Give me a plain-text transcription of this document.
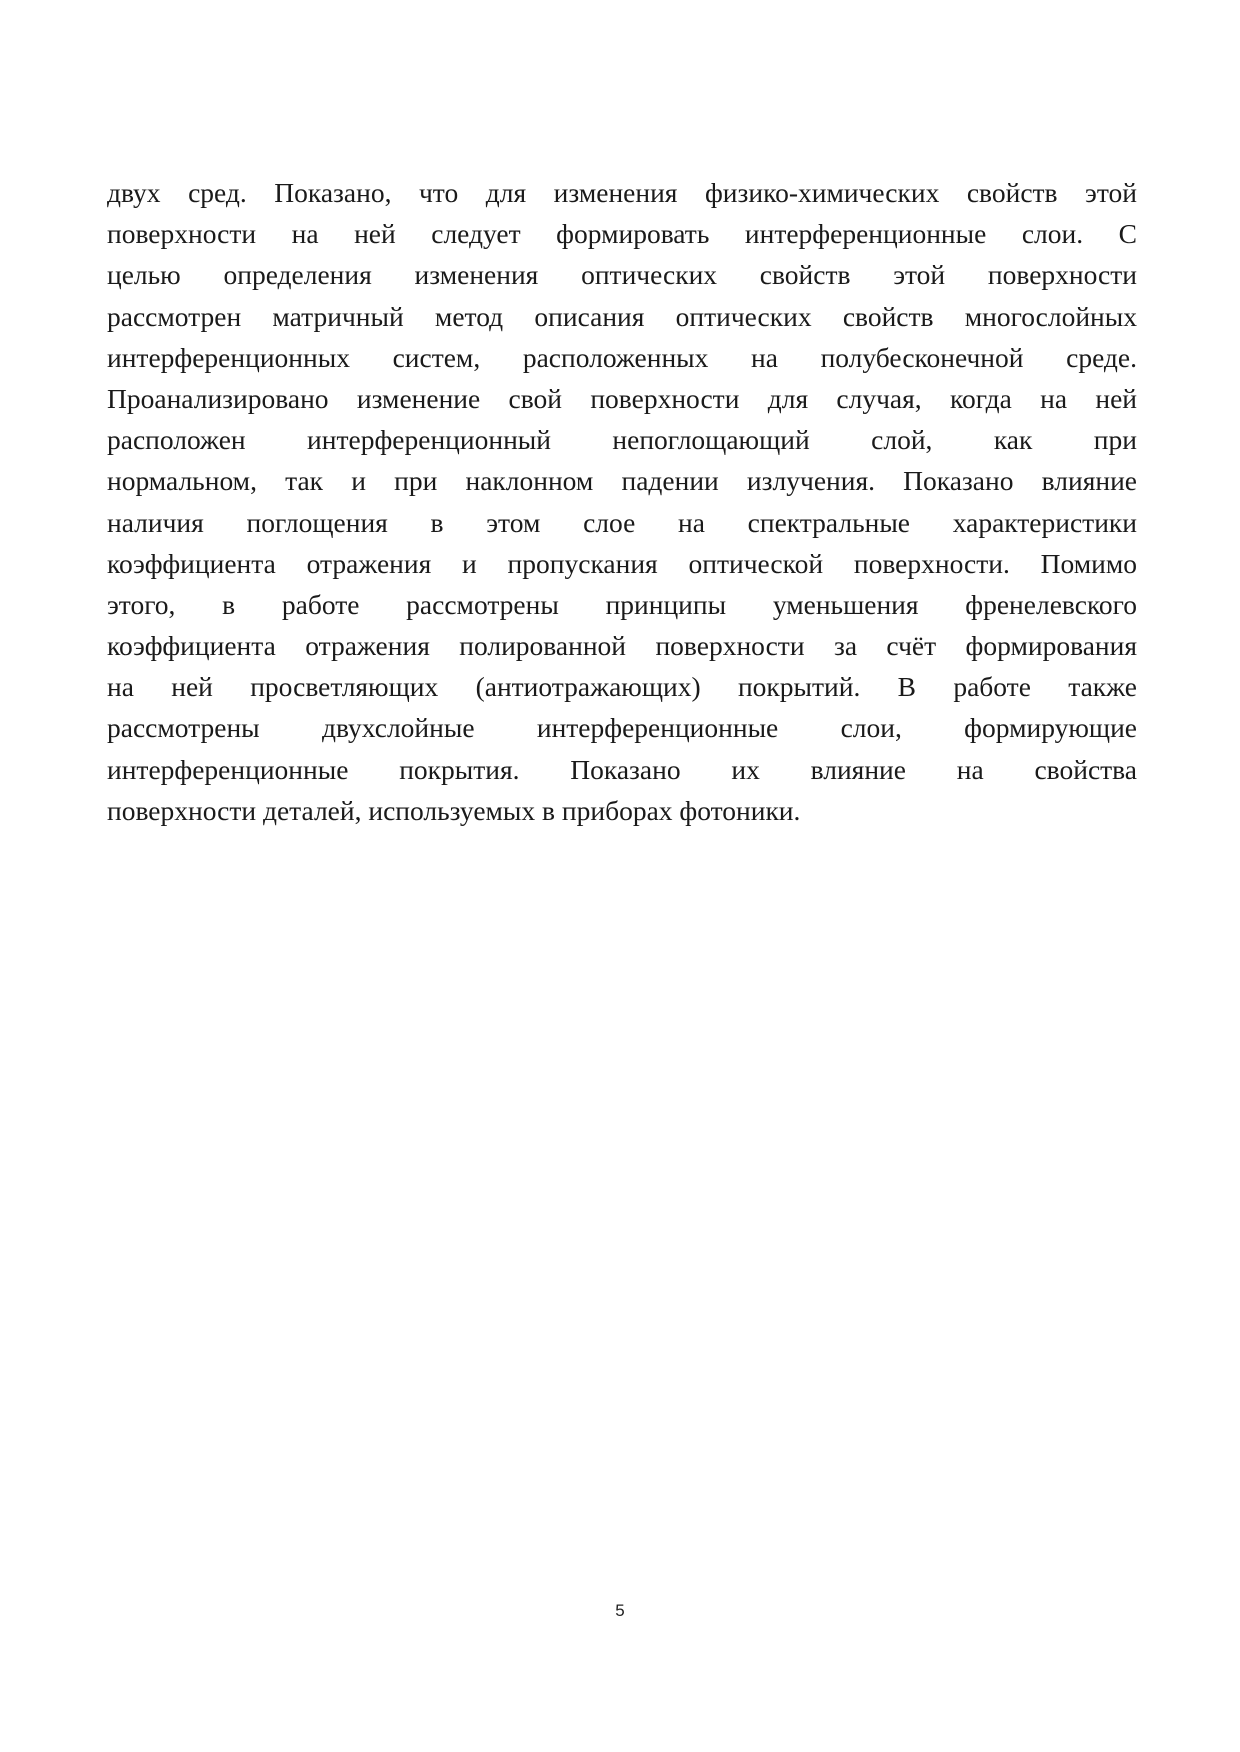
двух сред. Показано, что для изменения физико-химических свойств этой
поверхности на ней следует формировать интерференционные слои. С
целью определения изменения оптических свойств этой поверхности
рассмотрен матричный метод описания оптических свойств многослойных
интерференционных систем, расположенных на полубесконечной среде.
Проанализировано изменение свой поверхности для случая, когда на ней
расположен интерференционный непоглощающий слой, как при
нормальном, так и при наклонном падении излучения. Показано влияние
наличия поглощения в этом слое на спектральные характеристики
коэффициента отражения и пропускания оптической поверхности. Помимо
этого, в работе рассмотрены принципы уменьшения френелевского
коэффициента отражения полированной поверхности за счёт формирования
на ней просветляющих (антиотражающих) покрытий. В работе также
рассмотрены двухслойные интерференционные слои, формирующие
интерференционные покрытия. Показано их влияние на свойства
поверхности деталей, используемых в приборах фотоники.
5
